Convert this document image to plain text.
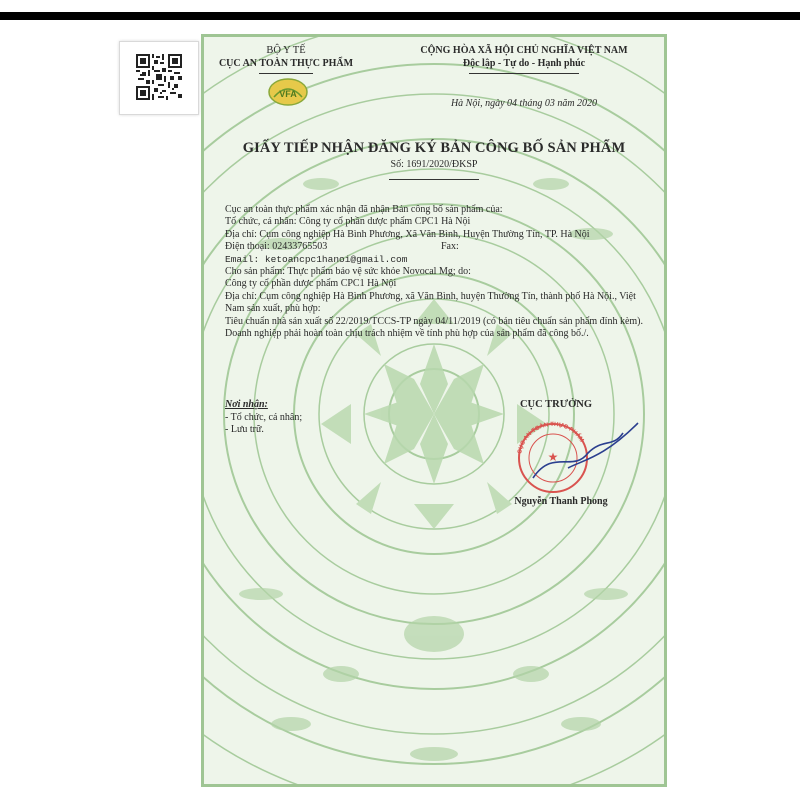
BỘ Y TẾ
CỤC AN TOÀN THỰC PHẨM
VFA
CỘNG HÒA XÃ HỘI CHỦ NGHĨA VIỆT NAM
Độc lập - Tự do - Hạnh phúc
Hà Nội, ngày 04 tháng 03 năm 2020
GIẤY TIẾP NHẬN ĐĂNG KÝ BẢN CÔNG BỐ SẢN PHẨM
Số: 1691/2020/ĐKSP

Cục an toàn thực phẩm xác nhận đã nhận Bản công bố sản phẩm của:

Tổ chức, cá nhân: Công ty cổ phần dược phẩm CPC1 Hà Nội

Địa chỉ: Cụm công nghiệp Hà Bình Phương, Xã Văn Bình, Huyện Thường Tín, TP. Hà Nội

Điện thoại: 02433765503	Fax:

Email: ketoancpc1hanoi@gmail.com

Cho sản phẩm: Thực phẩm bảo vệ sức khỏe Novocal Mg; do:

Công ty cổ phần dược phẩm CPC1 Hà Nội

Địa chỉ: Cụm công nghiệp Hà Bình Phương, xã Văn Bình, huyện Thường Tín, thành phố Hà Nội., Việt Nam sản xuất, phù hợp:

Tiêu chuẩn nhà sản xuất số 22/2019/TCCS-TP ngày 04/11/2019 (có bản tiêu chuẩn sản phẩm đính kèm).

Doanh nghiệp phải hoàn toàn chịu trách nhiệm về tính phù hợp của sản phẩm đã công bố./.

Nơi nhận:
- Tổ chức, cá nhân;
- Lưu trữ.
CỤC TRƯỞNG
CỤC AN TOÀN THỰC PHẨM
★
Nguyễn Thanh Phong
